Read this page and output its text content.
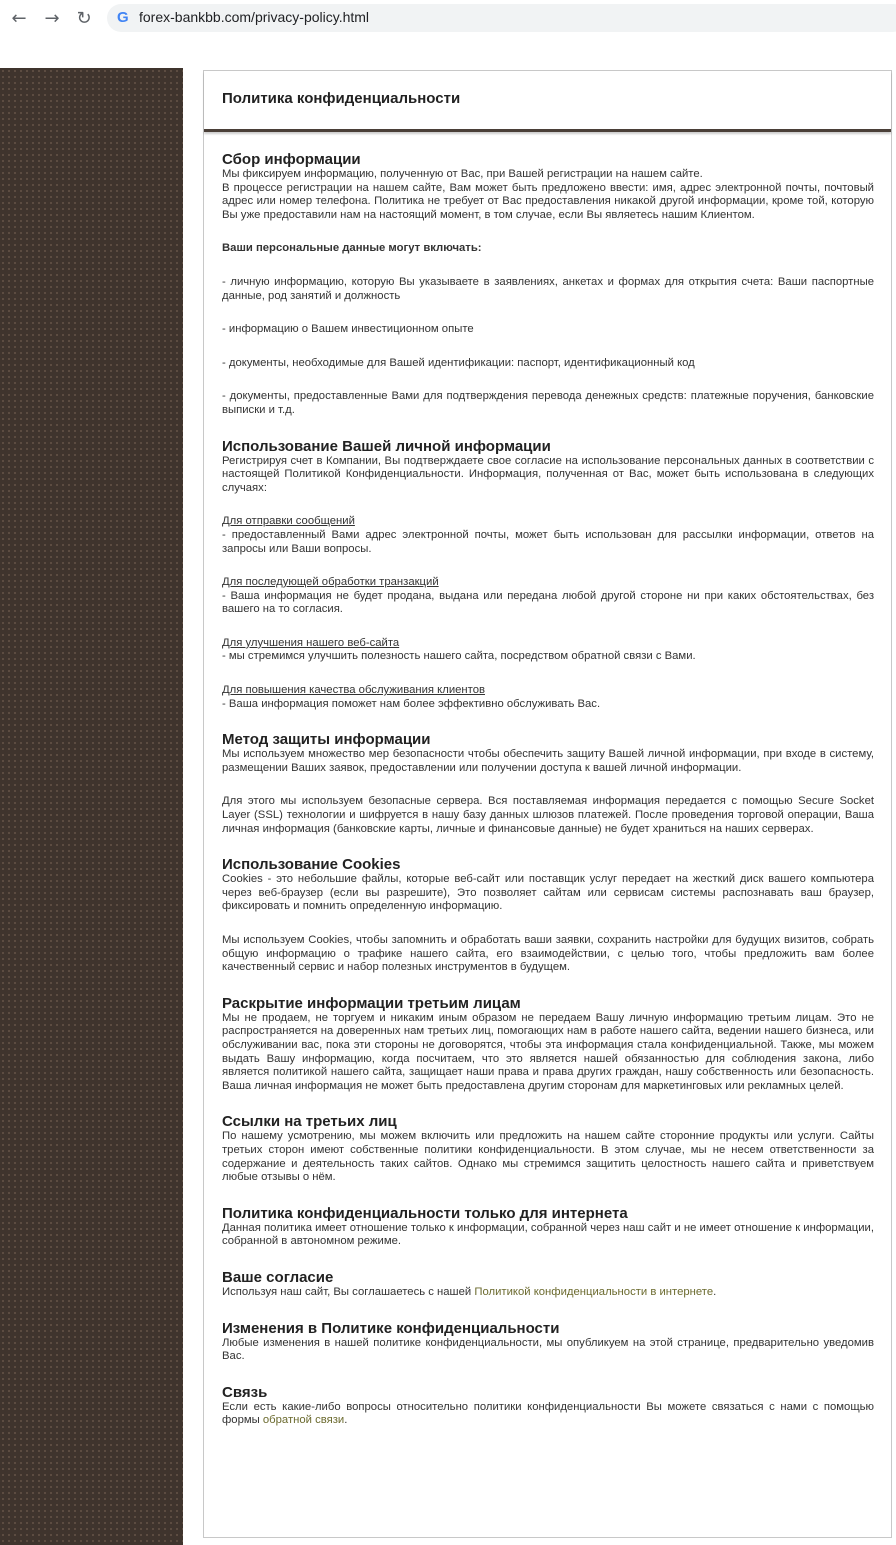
← → ↻ G forex-bankbb.com/privacy-policy.html
Политика конфиденциальности
Сбор информации

Мы фиксируем информацию, полученную от Вас, при Вашей регистрации на нашем сайте.

В процессе регистрации на нашем сайте, Вам может быть предложено ввести: имя, адрес электронной почты, почтовый адрес или номер телефона. Политика не требует от Вас предоставления никакой другой информации, кроме той, которую Вы уже предоставили нам на настоящий момент, в том случае, если Вы являетесь нашим Клиентом.

Ваши персональные данные могут включать:

- личную информацию, которую Вы указываете в заявлениях, анкетах и формах для открытия счета: Ваши паспортные данные, род занятий и должность

- информацию о Вашем инвестиционном опыте

- документы, необходимые для Вашей идентификации: паспорт, идентификационный код

- документы, предоставленные Вами для подтверждения перевода денежных средств: платежные поручения, банковские выписки и т.д.

Использование Вашей личной информации

Регистрируя счет в Компании, Вы подтверждаете свое согласие на использование персональных данных в соответствии с настоящей Политикой Конфиденциальности. Информация, полученная от Вас, может быть использована в следующих случаях:

Для отправки сообщений

- предоставленный Вами адрес электронной почты, может быть использован для рассылки информации, ответов на запросы или Ваши вопросы.

Для последующей обработки транзакций

- Ваша информация не будет продана, выдана или передана любой другой стороне ни при каких обстоятельствах, без вашего на то согласия.

Для улучшения нашего веб-сайта

- мы стремимся улучшить полезность нашего сайта, посредством обратной связи с Вами.

Для повышения качества обслуживания клиентов

- Ваша информация поможет нам более эффективно обслуживать Вас.

Метод защиты информации

Мы используем множество мер безопасности чтобы обеспечить защиту Вашей личной информации, при входе в систему, размещении Ваших заявок, предоставлении или получении доступа к вашей личной информации.

Для этого мы используем безопасные сервера. Вся поставляемая информация передается с помощью Secure Socket Layer (SSL) технологии и шифруется в нашу базу данных шлюзов платежей. После проведения торговой операции, Ваша личная информация (банковские карты, личные и финансовые данные) не будет храниться на наших серверах.

Использование Cookies

Cookies - это небольшие файлы, которые веб-сайт или поставщик услуг передает на жесткий диск вашего компьютера через веб-браузер (если вы разрешите), Это позволяет сайтам или сервисам системы распознавать ваш браузер, фиксировать и помнить определенную информацию.

Мы используем Cookies, чтобы запомнить и обработать ваши заявки, сохранить настройки для будущих визитов, собрать общую информацию о трафике нашего сайта, его взаимодействии, с целью того, чтобы предложить вам более качественный сервис и набор полезных инструментов в будущем.

Раскрытие информации третьим лицам

Мы не продаем, не торгуем и никаким иным образом не передаем Вашу личную информацию третьим лицам. Это не распространяется на доверенных нам третьих лиц, помогающих нам в работе нашего сайта, ведении нашего бизнеса, или обслуживании вас, пока эти стороны не договорятся, чтобы эта информация стала конфиденциальной. Также, мы можем выдать Вашу информацию, когда посчитаем, что это является нашей обязанностью для соблюдения закона, либо является политикой нашего сайта, защищает наши права и права других граждан, нашу собственность или безопасность. Ваша личная информация не может быть предоставлена другим сторонам для маркетинговых или рекламных целей.

Ссылки на третьих лиц

По нашему усмотрению, мы можем включить или предложить на нашем сайте сторонние продукты или услуги. Сайты третьих сторон имеют собственные политики конфиденциальности. В этом случае, мы не несем ответственности за содержание и деятельность таких сайтов. Однако мы стремимся защитить целостность нашего сайта и приветствуем любые отзывы о нём.

Политика конфиденциальности только для интернета

Данная политика имеет отношение только к информации, собранной через наш сайт и не имеет отношение к информации, собранной в автономном режиме.

Ваше согласие

Используя наш сайт, Вы соглашаетесь с нашей Политикой конфиденциальности в интернете.

Изменения в Политике конфиденциальности

Любые изменения в нашей политике конфиденциальности, мы опубликуем на этой странице, предварительно уведомив Вас.

Связь

Если есть какие-либо вопросы относительно политики конфиденциальности Вы можете связаться с нами с помощью формы обратной связи.
